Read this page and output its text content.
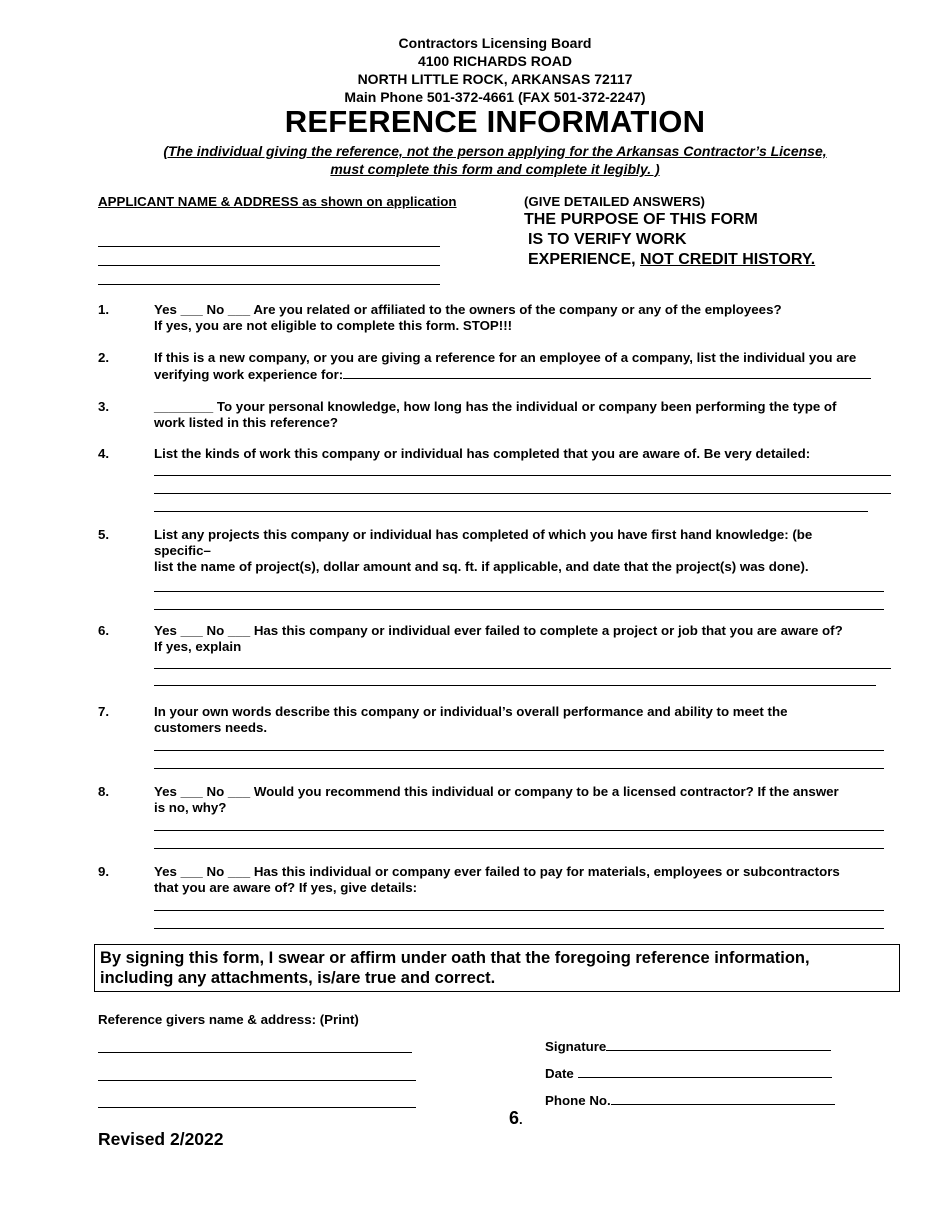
Contractors Licensing Board
4100 RICHARDS ROAD
NORTH LITTLE ROCK, ARKANSAS 72117
Main Phone 501-372-4661 (FAX 501-372-2247)
REFERENCE INFORMATION
(The individual giving the reference, not the person applying for the Arkansas Contractor’s License,
must complete this form and complete it legibly. )
APPLICANT NAME & ADDRESS as shown on application	(GIVE DETAILED ANSWERS)
THE PURPOSE OF THIS FORM
IS TO VERIFY WORK
EXPERIENCE, NOT CREDIT HISTORY.
1.	Yes ___ No ___ Are you related or affiliated to the owners of the company or any of the employees?
If yes, you are not eligible to complete this form. STOP!!!
2.	If this is a new company, or you are giving a reference for an employee of a company, list the individual you are
verifying work experience for:
3.	________ To your personal knowledge, how long has the individual or company been performing the type of
work listed in this reference?
4.	List the kinds of work this company or individual has completed that you are aware of. Be very detailed:
5.	List any projects this company or individual has completed of which you have first hand knowledge: (be
specific–
list the name of project(s), dollar amount and sq. ft. if applicable, and date that the project(s) was done).
6.	Yes ___ No ___ Has this company or individual ever failed to complete a project or job that you are aware of?
If yes, explain
7.	In your own words describe this company or individual’s overall performance and ability to meet the
customers needs.
8.	Yes ___ No ___ Would you recommend this individual or company to be a licensed contractor? If the answer
is no, why?
9.	Yes ___ No ___ Has this individual or company ever failed to pay for materials, employees or subcontractors
that you are aware of? If yes, give details:
By signing this form, I swear or affirm under oath that the foregoing reference information,
including any attachments, is/are true and correct.
Reference givers name & address: (Print)
Signature
Date
Phone No.
6.
Revised 2/2022
